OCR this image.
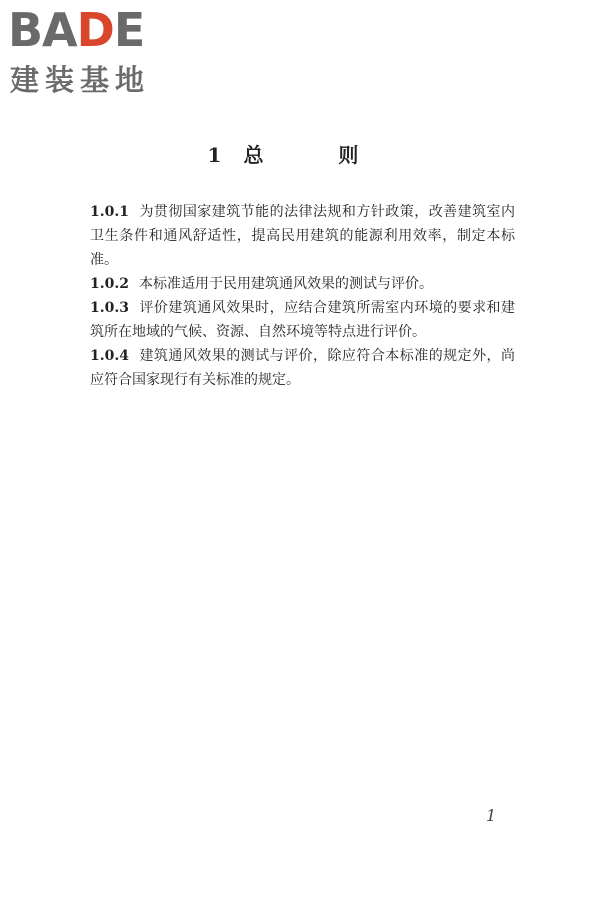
BADE
建装基地
1 总 则
1.0.1 为贯彻国家建筑节能的法律法规和方针政策，改善建筑室内卫生条件和通风舒适性，提高民用建筑的能源利用效率，制定本标准。
1.0.2 本标准适用于民用建筑通风效果的测试与评价。
1.0.3 评价建筑通风效果时，应结合建筑所需室内环境的要求和建筑所在地域的气候、资源、自然环境等特点进行评价。
1.0.4 建筑通风效果的测试与评价，除应符合本标准的规定外，尚应符合国家现行有关标准的规定。
1
